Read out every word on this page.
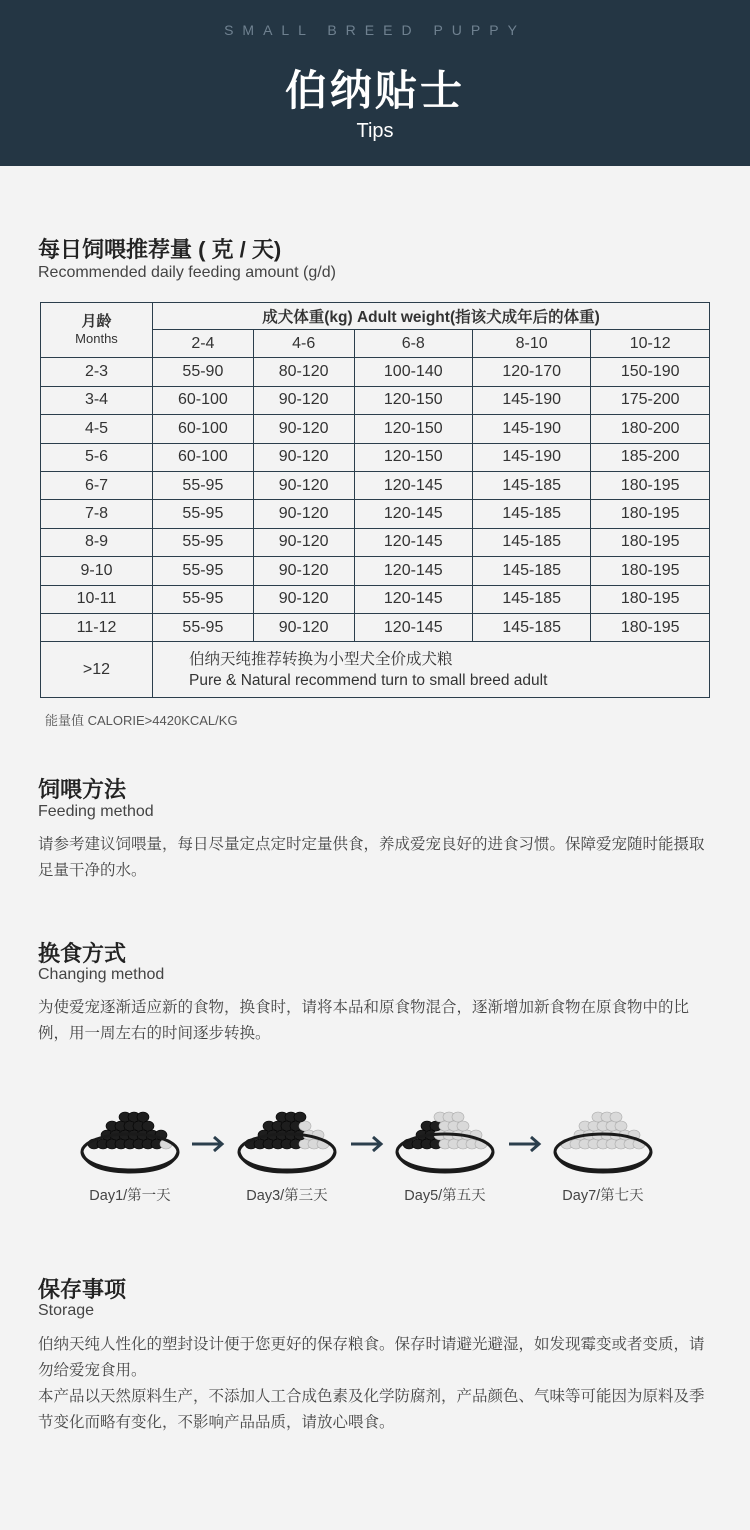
SMALL BREED PUPPY
伯纳贴士
Tips
每日饲喂推荐量 ( 克 / 天)
Recommended daily feeding amount (g/d)
月龄
Months	成犬体重(kg) Adult weight(指该犬成年后的体重)				
	2-4	4-6	6-8	8-10	10-12
2-3	55-90	80-120	100-140	120-170	150-190
3-4	60-100	90-120	120-150	145-190	175-200
4-5	60-100	90-120	120-150	145-190	180-200
5-6	60-100	90-120	120-150	145-190	185-200
6-7	55-95	90-120	120-145	145-185	180-195
7-8	55-95	90-120	120-145	145-185	180-195
8-9	55-95	90-120	120-145	145-185	180-195
9-10	55-95	90-120	120-145	145-185	180-195
10-11	55-95	90-120	120-145	145-185	180-195
11-12	55-95	90-120	120-145	145-185	180-195
>12	伯纳天纯推荐转换为小型犬全价成犬粮
Pure & Natural recommend turn to small breed adult				
能量值 CALORIE>4420KCAL/KG
饲喂方法
Feeding method
请参考建议饲喂量，每日尽量定点定时定量供食，养成爱宠良好的进食习惯。保障爱宠随时能摄取足量干净的水。
换食方式
Changing method
为使爱宠逐渐适应新的食物，换食时，请将本品和原食物混合，逐渐增加新食物在原食物中的比例，用一周左右的时间逐步转换。
Day1/第一天	Day3/第三天	Day5/第五天	Day7/第七天
保存事项
Storage
伯纳天纯人性化的塑封设计便于您更好的保存粮食。保存时请避光避湿，如发现霉变或者变质，请勿给爱宠食用。
本产品以天然原料生产，不添加人工合成色素及化学防腐剂，产品颜色、气味等可能因为原料及季节变化而略有变化，不影响产品品质，请放心喂食。
